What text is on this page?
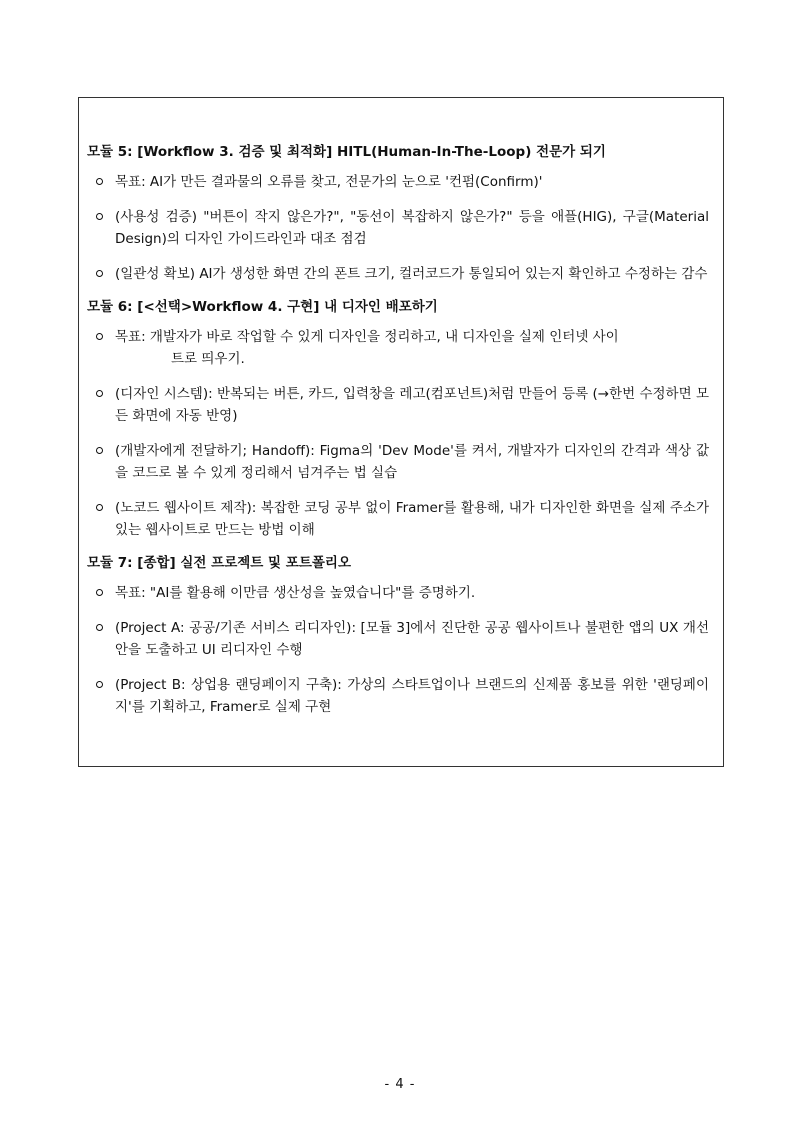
모듈 5: [Workflow 3. 검증 및 최적화] HITL(Human-In-The-Loop) 전문가 되기
목표: AI가 만든 결과물의 오류를 찾고, 전문가의 눈으로 '컨펌(Confirm)'
(사용성 검증) "버튼이 작지 않은가?", "동선이 복잡하지 않은가?" 등을 애플(HIG), 구글(Material Design)의 디자인 가이드라인과 대조 점검
(일관성 확보) AI가 생성한 화면 간의 폰트 크기, 컬러코드가 통일되어 있는지 확인하고 수정하는 감수
모듈 6: [<선택>Workflow 4. 구현] 내 디자인 배포하기
목표: 개발자가 바로 작업할 수 있게 디자인을 정리하고, 내 디자인을 실제 인터넷 사이
트로 띄우기.
(디자인 시스템): 반복되는 버튼, 카드, 입력창을 레고(컴포넌트)처럼 만들어 등록 (→한번 수정하면 모든 화면에 자동 반영)
(개발자에게 전달하기; Handoff): Figma의 'Dev Mode'를 켜서, 개발자가 디자인의 간격과 색상 값을 코드로 볼 수 있게 정리해서 넘겨주는 법 실습
(노코드 웹사이트 제작): 복잡한 코딩 공부 없이 Framer를 활용해, 내가 디자인한 화면을 실제 주소가 있는 웹사이트로 만드는 방법 이해
모듈 7: [종합] 실전 프로젝트 및 포트폴리오
목표: "AI를 활용해 이만큼 생산성을 높였습니다"를 증명하기.
(Project A: 공공/기존 서비스 리디자인): [모듈 3]에서 진단한 공공 웹사이트나 불편한 앱의 UX 개선안을 도출하고 UI 리디자인 수행
(Project B: 상업용 랜딩페이지 구축): 가상의 스타트업이나 브랜드의 신제품 홍보를 위한 '랜딩페이지'를 기획하고, Framer로 실제 구현
- 4 -
